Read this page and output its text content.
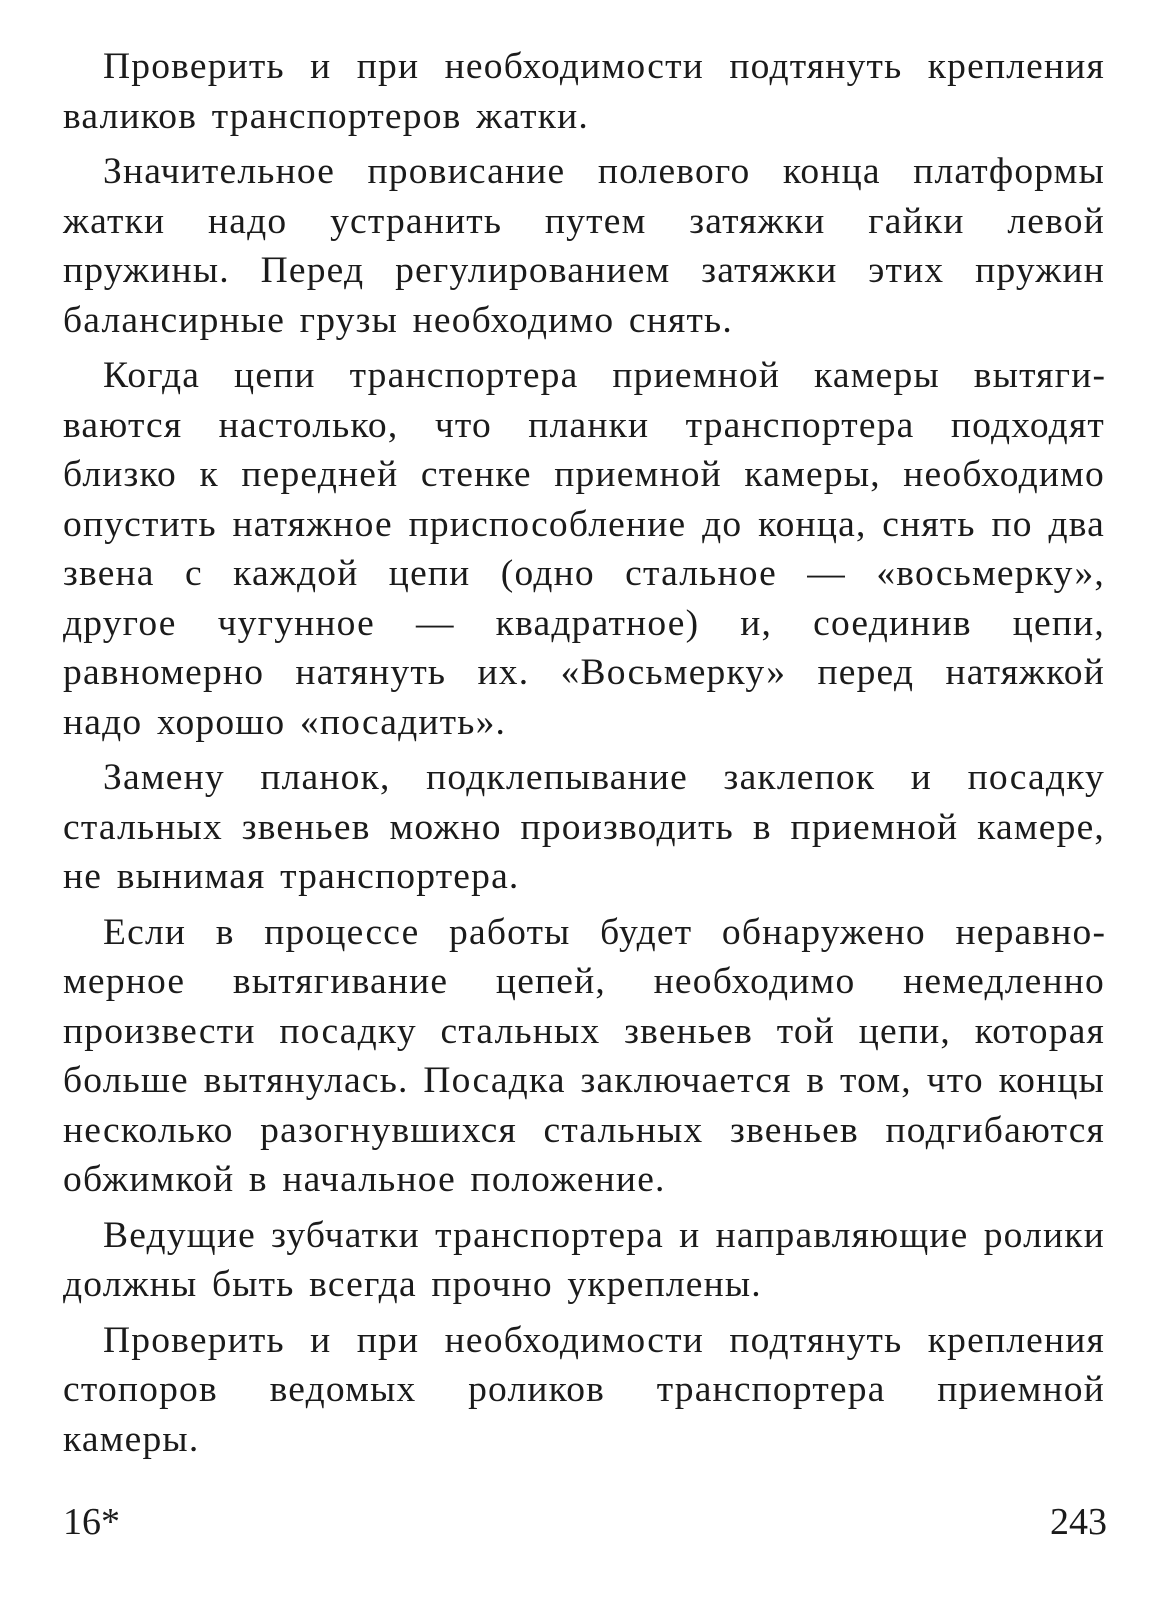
Проверить и при необходимости подтянуть крепления валиков транспортеров жатки.

Значительное провисание полевого конца платформы жатки надо устранить путем затяжки гайки левой пружины. Перед регулированием затяжки этих пружин балансирные грузы необходимо снять.

Когда цепи транспортера приемной камеры вытягиваются настолько, что планки транспортера подходят близко к передней стенке приемной камеры, необходимо опустить натяжное приспособление до конца, снять по два звена с каждой цепи (одно стальное — «восьмерку», другое чугунное — квадратное) и, соединив цепи, равномерно натянуть их. «Восьмерку» перед натяжкой надо хорошо «посадить».

Замену планок, подклепывание заклепок и посадку стальных звеньев можно производить в приемной камере, не вынимая транспортера.

Если в процессе работы будет обнаружено неравномерное вытягивание цепей, необходимо немедленно произвести посадку стальных звеньев той цепи, которая больше вытянулась. Посадка заключается в том, что концы несколько разогнувшихся стальных звеньев подгибаются обжимкой в начальное положение.

Ведущие зубчатки транспортера и направляющие ролики должны быть всегда прочно укреплены.

Проверить и при необходимости подтянуть крепления стопоров ведомых роликов транспортера приемной камеры.

16*	243
